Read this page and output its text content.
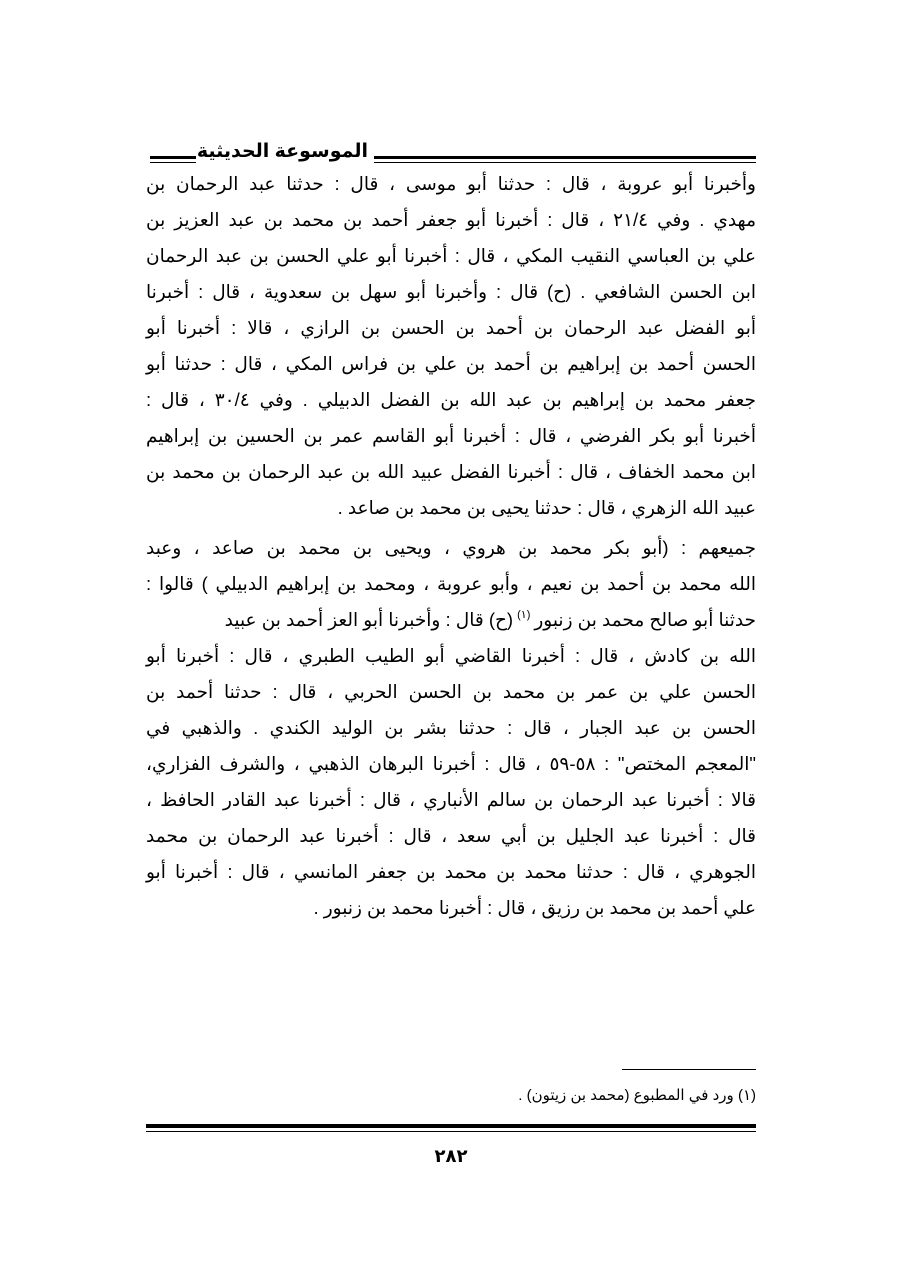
الموسوعة الحديثية
وأخبرنا أبو عروبة ، قال : حدثنا أبو موسى ، قال : حدثنا عبد الرحمان بن
مهدي . وفي ٢١/٤ ، قال : أخبرنا أبو جعفر أحمد بن محمد بن عبد العزيز بن
علي بن العباسي النقيب المكي ، قال : أخبرنا أبو علي الحسن بن عبد الرحمان
ابن الحسن الشافعي . (ح) قال : وأخبرنا أبو سهل بن سعدوية ، قال : أخبرنا
أبو الفضل عبد الرحمان بن أحمد بن الحسن بن الرازي ، قالا : أخبرنا أبو
الحسن أحمد بن إبراهيم بن أحمد بن علي بن فراس المكي ، قال : حدثنا أبو
جعفر محمد بن إبراهيم بن عبد الله بن الفضل الدبيلي . وفي ٣٠/٤ ، قال :
أخبرنا أبو بكر الفرضي ، قال : أخبرنا أبو القاسم عمر بن الحسين بن إبراهيم
ابن محمد الخفاف ، قال : أخبرنا الفضل عبيد الله بن عبد الرحمان بن محمد بن
عبيد الله الزهري ، قال : حدثنا يحيى بن محمد بن صاعد .
جميعهم : (أبو بكر محمد بن هروي ، ويحيى بن محمد بن صاعد ، وعبد
الله محمد بن أحمد بن نعيم ، وأبو عروبة ، ومحمد بن إبراهيم الدبيلي ) قالوا :
حدثنا أبو صالح محمد بن زنبور
$^{(١)}$
(ح) قال : وأخبرنا أبو العز أحمد بن عبيد
الله بن كادش ، قال : أخبرنا القاضي أبو الطيب الطبري ، قال : أخبرنا أبو
الحسن علي بن عمر بن محمد بن الحسن الحربي ، قال : حدثنا أحمد بن
الحسن بن عبد الجبار ، قال : حدثنا بشر بن الوليد الكندي . والذهبي في
"المعجم المختص" : ٥٨-٥٩ ، قال : أخبرنا البرهان الذهبي ، والشرف الفزاري،
قالا : أخبرنا عبد الرحمان بن سالم الأنباري ، قال : أخبرنا عبد القادر الحافظ ،
قال : أخبرنا عبد الجليل بن أبي سعد ، قال : أخبرنا عبد الرحمان بن محمد
الجوهري ، قال : حدثنا محمد بن محمد بن جعفر المانسي ، قال : أخبرنا أبو
علي أحمد بن محمد بن رزيق ، قال : أخبرنا محمد بن زنبور .
(١) ورد في المطبوع (محمد بن زيتون) .
٢٨٢
